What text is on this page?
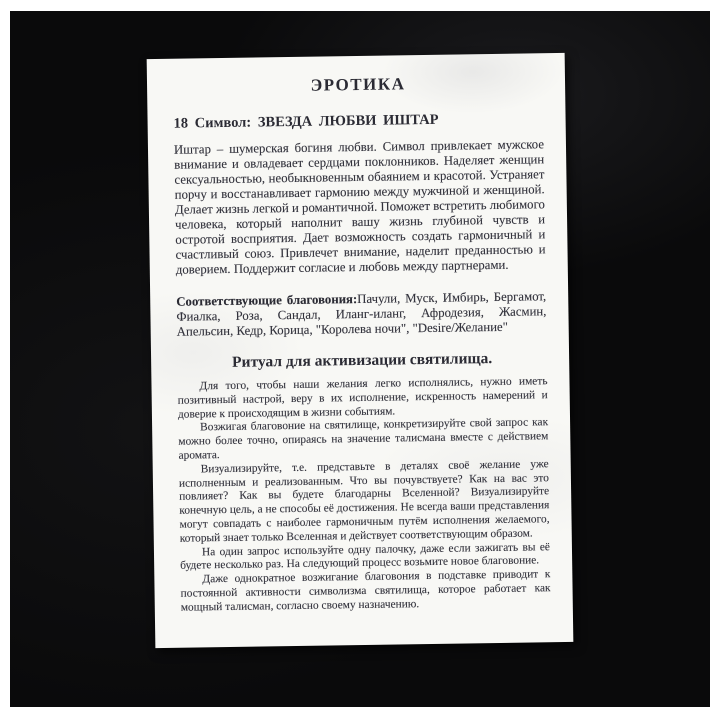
ЭРОТИКА
18 Символ: ЗВЕЗДА ЛЮБВИ ИШТАР

Иштар – шумерская богиня любви. Символ привлекает мужское внимание и овладевает сердцами поклонников. Наделяет женщин сексуальностью, необыкновенным обаянием и красотой. Устраняет порчу и восстанавливает гармонию между мужчиной и женщиной. Делает жизнь легкой и романтичной. Поможет встретить любимого человека, который наполнит вашу жизнь глубиной чувств и остротой восприятия. Дает возможность создать гармоничный и счастливый союз. Привлечет внимание, наделит преданностью и доверием. Поддержит согласие и любовь между партнерами.

Соответствующие благовония:Пачули, Муск, Имбирь, Бергамот, Фиалка, Роза, Сандал, Иланг-иланг, Афродезия, Жасмин, Апельсин, Кедр, Корица, "Королева ночи", "Desire/Желание"

Ритуал для активизации святилища.

Для того, чтобы наши желания легко исполнялись, нужно иметь позитивный настрой, веру в их исполнение, искренность намерений и доверие к происходящим в жизни событиям.

Возжигая благовоние на святилище, конкретизируйте свой запрос как можно более точно, опираясь на значение талисмана вместе с действием аромата.

Визуализируйте, т.е. представьте в деталях своё желание уже исполненным и реализованным. Что вы почувствуете? Как на вас это повлияет? Как вы будете благодарны Вселенной? Визуализируйте конечную цель, а не способы её достижения. Не всегда ваши представления могут совпадать с наиболее гармоничным путём исполнения желаемого, который знает только Вселенная и действует соответствующим образом.

На один запрос используйте одну палочку, даже если зажигать вы её будете несколько раз. На следующий процесс возьмите новое благовоние.

Даже однократное возжигание благовония в подставке приводит к постоянной активности символизма святилища, которое работает как мощный талисман, согласно своему назначению.
